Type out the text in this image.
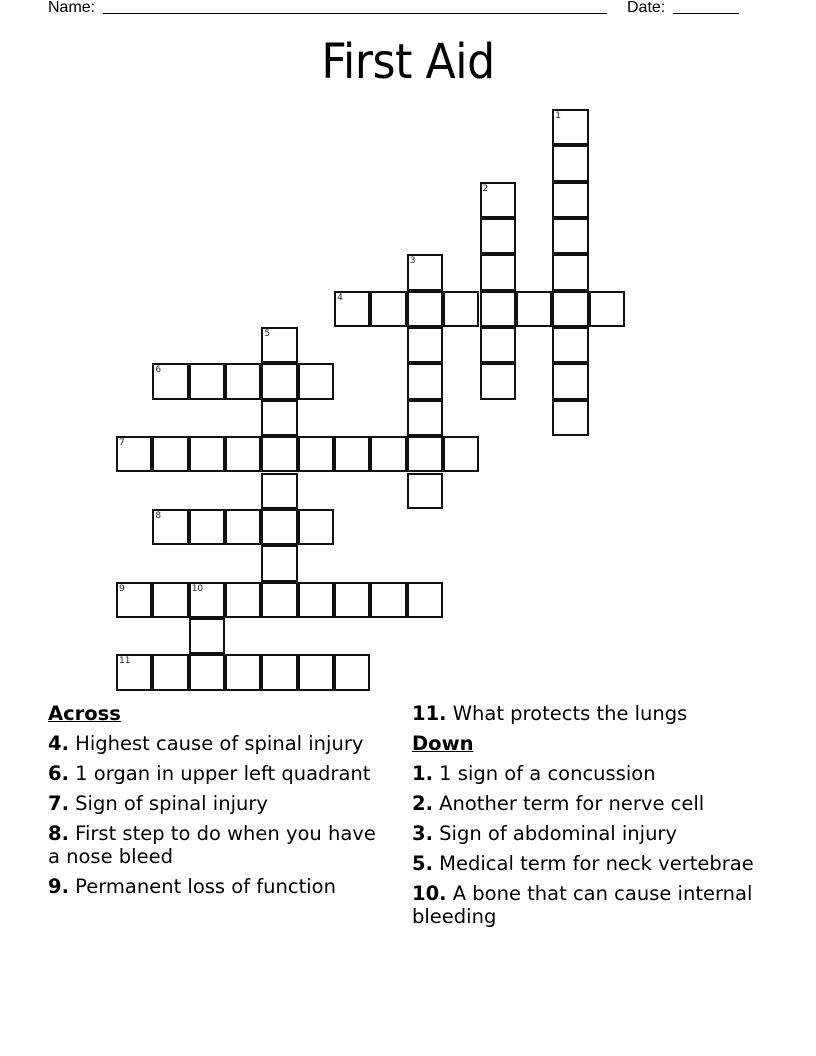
Name:	Date:
First Aid
1
2
3
4
5
6
7
8
9	10
11
Across
4. Highest cause of spinal injury
6. 1 organ in upper left quadrant
7. Sign of spinal injury
8. First step to do when you have a nose bleed
9. Permanent loss of function
11. What protects the lungs
Down
1. 1 sign of a concussion
2. Another term for nerve cell
3. Sign of abdominal injury
5. Medical term for neck vertebrae
10. A bone that can cause internal bleeding
